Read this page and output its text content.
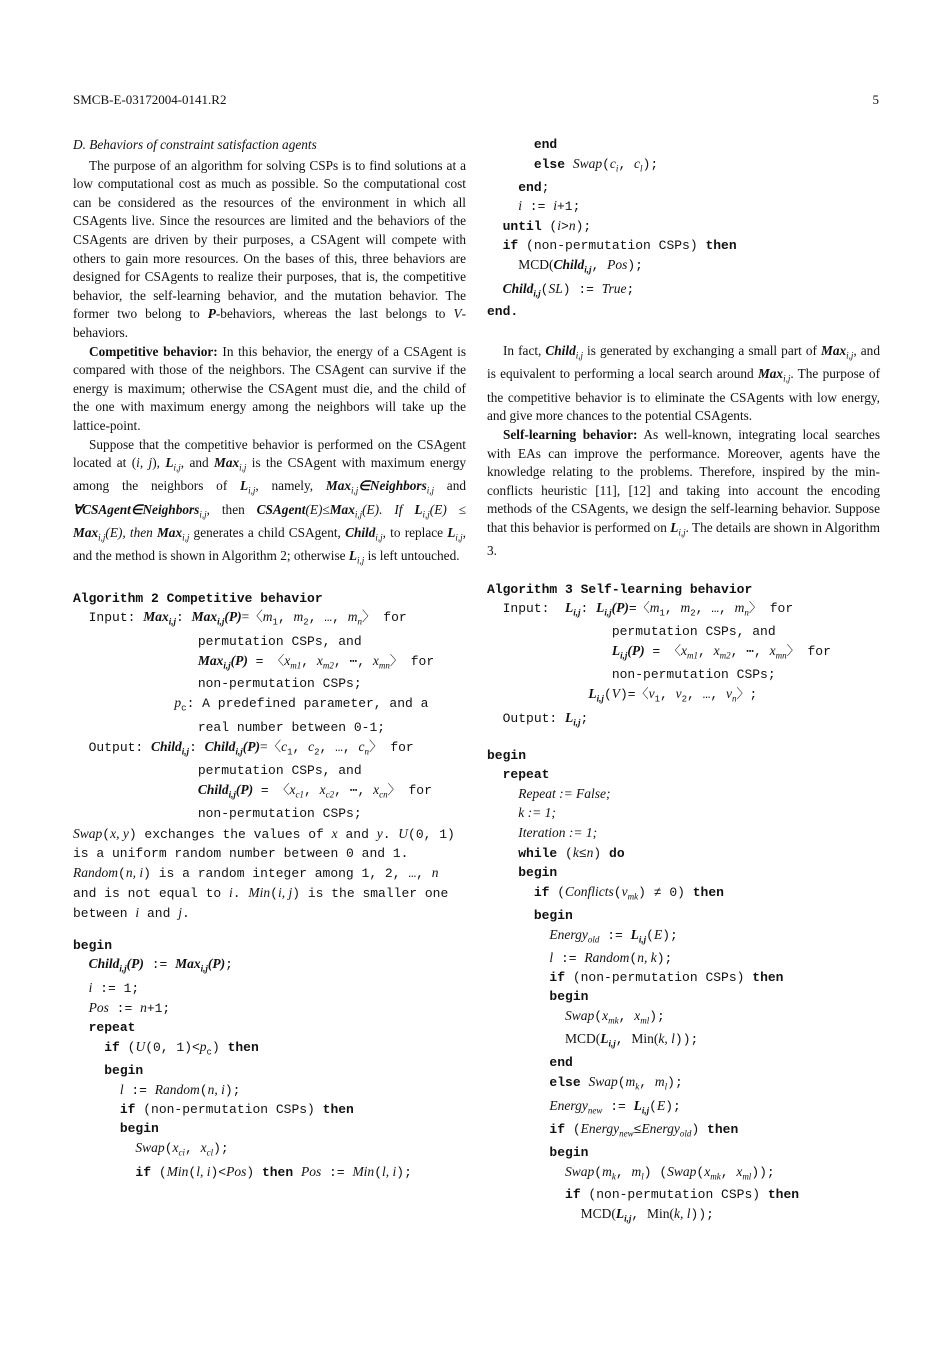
SMCB-E-03172004-0141.R2	5
D. Behaviors of constraint satisfaction agents

The purpose of an algorithm for solving CSPs is to find solutions at a low computational cost as much as possible. So the computational cost can be considered as the resources of the environment in which all CSAgents live. Since the resources are limited and the behaviors of the CSAgents are driven by their purposes, a CSAgent will compete with others to gain more resources. On the bases of this, three behaviors are designed for CSAgents to realize their purposes, that is, the competitive behavior, the self-learning behavior, and the mutation behavior. The former two belong to P-behaviors, whereas the last belongs to V-behaviors.

Competitive behavior: In this behavior, the energy of a CSAgent is compared with those of the neighbors. The CSAgent can survive if the energy is maximum; otherwise the CSAgent must die, and the child of the one with maximum energy among the neighbors will take up the lattice-point.

Suppose that the competitive behavior is performed on the CSAgent located at (i, j), $L_{i,j}$, and Max$_{i,j}$ is the CSAgent with maximum energy among the neighbors of $L_{i,j}$, namely, Max$_{i,j}$∈Neighbors$_{i,j}$ and ∀CSAgent∈Neighbors$_{i,j}$, then CSAgent(E)≤Max$_{i,j}$(E). If $L_{i,j}(E) \le Max_{i,j}(E)$, then Max$_{i,j}$ generates a child CSAgent, Child$_{i,j}$, to replace $L_{i,j}$, and the method is shown in Algorithm 2; otherwise $L_{i,j}$ is left untouched.

Algorithm 2 Competitive behavior
Input: Max$_{i,j}$: Max$_{i,j}$(P)=〈$m_1$, $m_2$, …, $m_n$〉 for
permutation CSPs, and
Max$_{i,j}$(P) = 〈$x_{m1}$, $x_{m2}$, ⋯, $x_{mn}$〉 for
non-permutation CSPs;
$p_c$: A predefined parameter, and a
real number between 0-1;
Output: Child$_{i,j}$: Child$_{i,j}$(P)=〈$c_1$, $c_2$, …, $c_n$〉 for
permutation CSPs, and
Child$_{i,j}$(P) = 〈$x_{c1}$, $x_{c2}$, ⋯, $x_{cn}$〉 for
non-permutation CSPs;

Swap(x, y) exchanges the values of x and y. U(0, 1) is a uniform random number between 0 and 1. Random(n, i) is a random integer among 1, 2, …, n and is not equal to i. Min(i, j) is the smaller one between i and j.

begin
Child$_{i,j}$(P) := Max$_{i,j}$(P);
i := 1;
Pos := n+1;
repeat
if (U(0, $1)<p_c$) then
begin
l := Random(n, i);
if (non-permutation CSPs) then
begin
$Swap(x_{ci}$, $x_{cl}$);
if (Min(l, i)<Pos) then Pos := Min(l, i);
end
else $Swap(c_i$, $c_l$);
end;
i := i+1;
until (i>n);
if (non-permutation CSPs) then
MCD(Child$_{i,j}$, Pos);
Child$_{i,j}$(SL) := True;
end.

In fact, Child$_{i,j}$ is generated by exchanging a small part of Max$_{i,j}$, and is equivalent to performing a local search around Max$_{i,j}$. The purpose of the competitive behavior is to eliminate the CSAgents with low energy, and give more chances to the potential CSAgents.

Self-learning behavior: As well-known, integrating local searches with EAs can improve the performance. Moreover, agents have the knowledge relating to the problems. Therefore, inspired by the min-conflicts heuristic [11], [12] and taking into account the encoding methods of the CSAgents, we design the self-learning behavior. Suppose that this behavior is performed on $L_{i,j}$. The details are shown in Algorithm 3.

Algorithm 3 Self-learning behavior
Input: $L_{i,j}$: $L_{i,j}(P)=$〈$m_1$, $m_2$, …, $m_n$〉 for
permutation CSPs, and
$L_{i,j}(P)$ = 〈$x_{m1}$, $x_{m2}$, ⋯, $x_{mn}$〉 for
non-permutation CSPs;
$L_{i,j}(V)=$〈$v_1$, $v_2$, …, $v_n$〉;
Output: $L_{i,j}$;
begin
repeat
Repeat := False;
k := 1;
Iteration := 1;
while (k≤n) do
begin
if $(Conflicts(v_{mk}) \ne 0)$ then
begin
Energy$_{old}$ := $L_{i,j}(E)$;
l := Random(n, k);
if (non-permutation CSPs) then
begin
$Swap(x_{mk}$, $x_{ml}$);
$MCD(L_{i,j}$, Min(k, l));
end
else $Swap(m_k$, $m_l$);
Energy$_{new}$ := $L_{i,j}(E)$;
if (Energy$_{new}$≤Energy$_{old}$) then
begin
$Swap(m_k$, $m_l$) ($Swap(x_{mk}$, $x_{ml}$));
if (non-permutation CSPs) then
$MCD(L_{i,j}$, Min(k, l));
